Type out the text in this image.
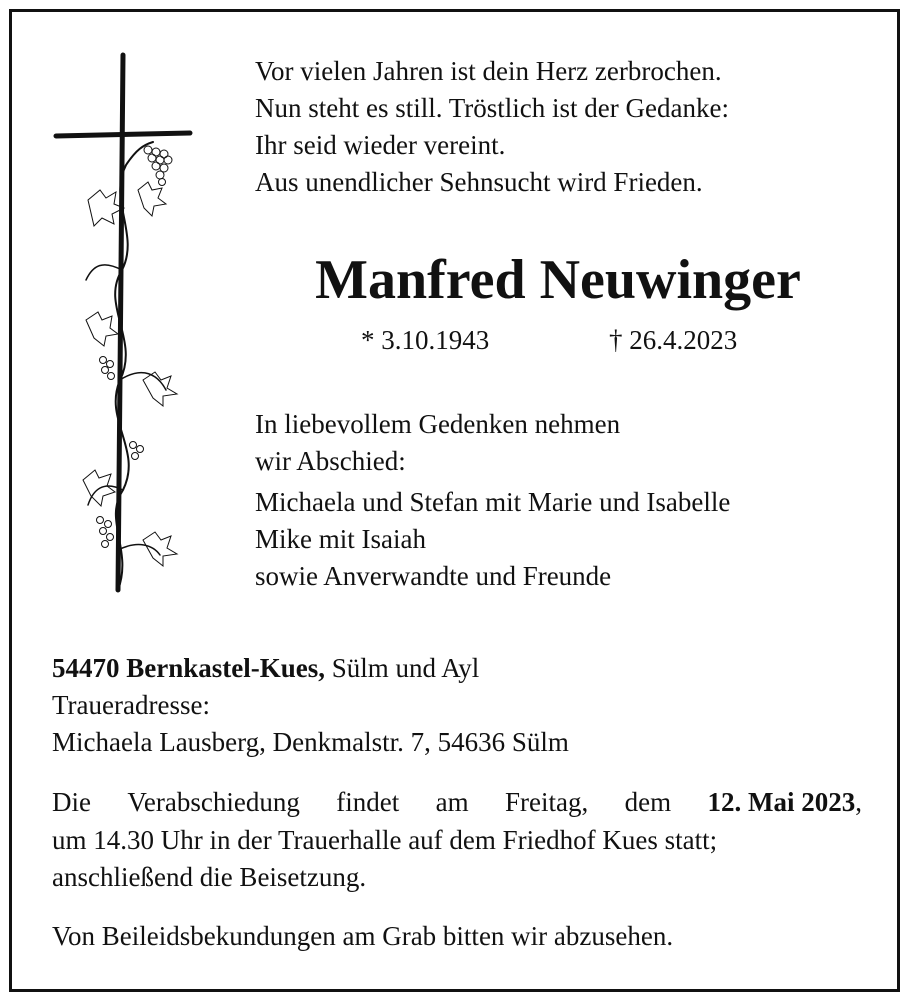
Vor vielen Jahren ist dein Herz zerbrochen.
Nun steht es still. Tröstlich ist der Gedanke:
Ihr seid wieder vereint.
Aus unendlicher Sehnsucht wird Frieden.
Manfred Neuwinger
* 3.10.1943	† 26.4.2023
In liebevollem Gedenken nehmen
wir Abschied:
Michaela und Stefan mit Marie und Isabelle
Mike mit Isaiah
sowie Anverwandte und Freunde
54470 Bernkastel-Kues, Sülm und Ayl
Traueradresse:
Michaela Lausberg, Denkmalstr. 7, 54636 Sülm
Die Verabschiedung findet am Freitag, dem 12. Mai 2023,
um 14.30 Uhr in der Trauerhalle auf dem Friedhof Kues statt;
anschließend die Beisetzung.
Von Beileidsbekundungen am Grab bitten wir abzusehen.
